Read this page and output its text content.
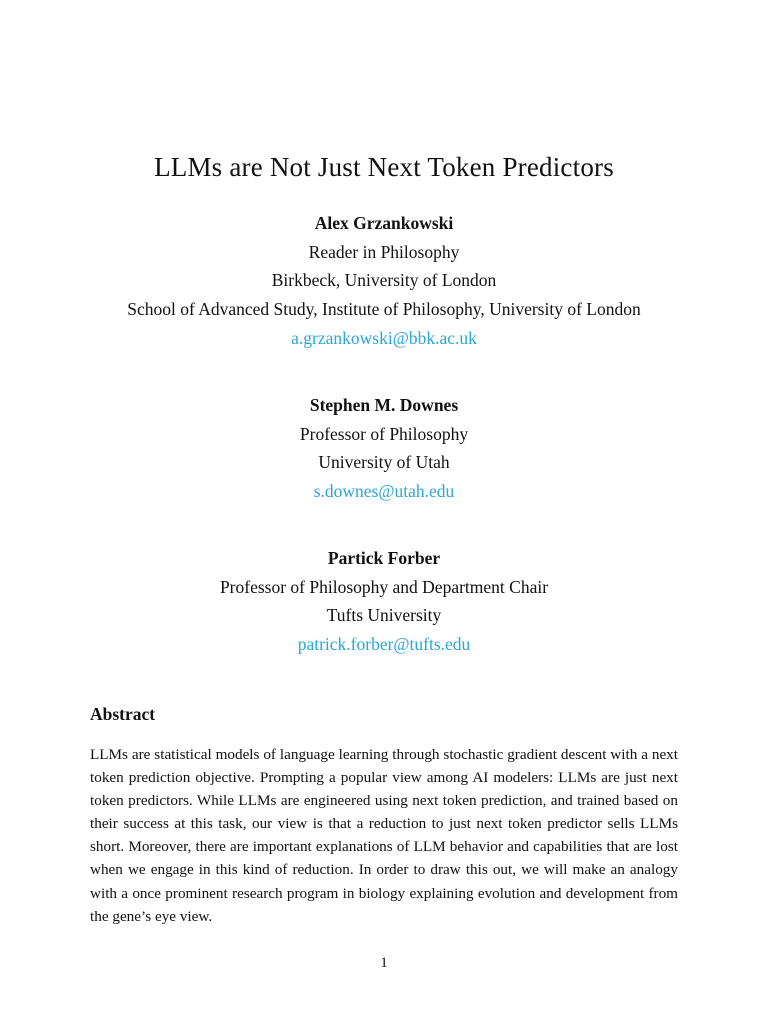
LLMs are Not Just Next Token Predictors
Alex Grzankowski
Reader in Philosophy
Birkbeck, University of London
School of Advanced Study, Institute of Philosophy, University of London
a.grzankowski@bbk.ac.uk
Stephen M. Downes
Professor of Philosophy
University of Utah
s.downes@utah.edu
Partick Forber
Professor of Philosophy and Department Chair
Tufts University
patrick.forber@tufts.edu
Abstract

LLMs are statistical models of language learning through stochastic gradient descent with a next token prediction objective. Prompting a popular view among AI modelers: LLMs are just next token predictors. While LLMs are engineered using next token prediction, and trained based on their success at this task, our view is that a reduction to just next token predictor sells LLMs short. Moreover, there are important explanations of LLM behavior and capabilities that are lost when we engage in this kind of reduction. In order to draw this out, we will make an analogy with a once prominent research program in biology explaining evolution and development from the gene’s eye view.

1
